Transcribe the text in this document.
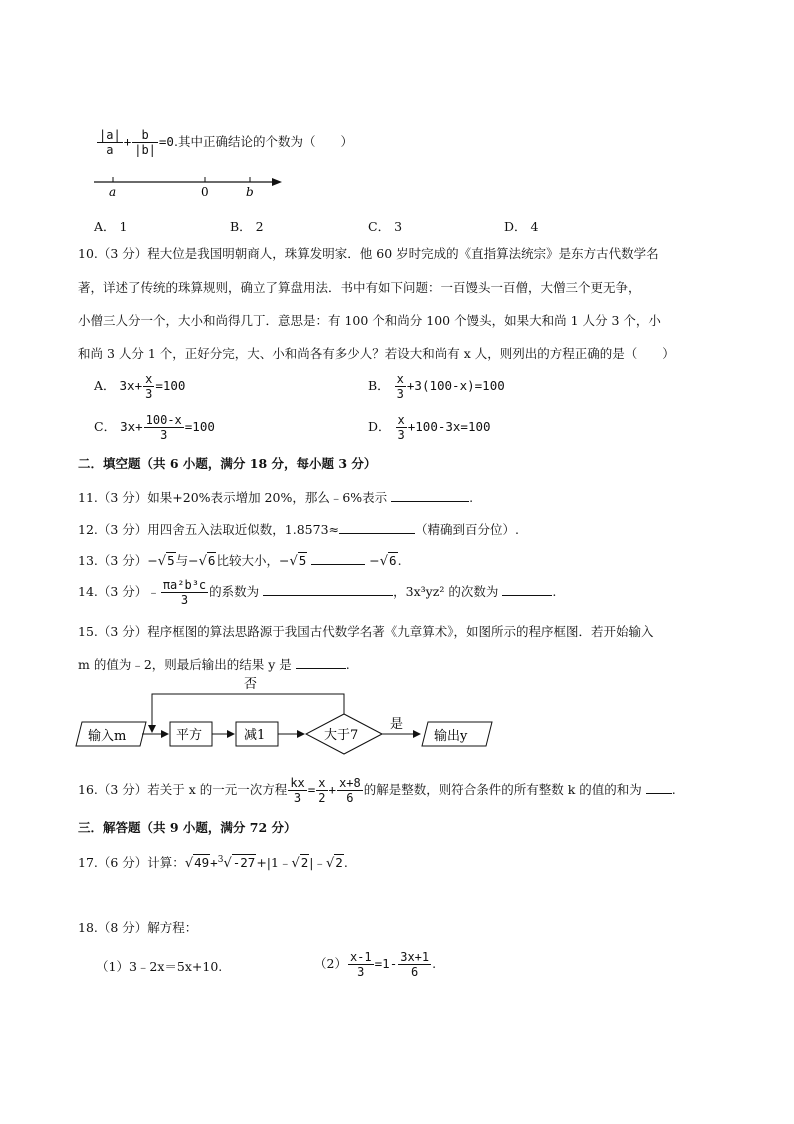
$\frac{|a|}{a} + \frac{b}{|b|} =0$.其中正确结论的个数为（　　）
a	0	b
A． 1	B． 2	C． 3	D． 4
10.（3 分）程大位是我国明朝商人，珠算发明家．他 60 岁时完成的《直指算法统宗》是东方古代数学名
著，详述了传统的珠算规则，确立了算盘用法．书中有如下问题：一百馒头一百僧，大僧三个更无争，
小僧三人分一个，大小和尚得几丁．意思是：有 100 个和尚分 100 个馒头，如果大和尚 1 人分 3 个，小
和尚 3 人分 1 个，正好分完，大、小和尚各有多少人？若设大和尚有 x 人，则列出的方程正确的是（　　）
A． $3x+ \frac{x}{3} =100$	B． $\frac{x}{3} +3(100-x)=100$
C． $3x+ \frac{100-x}{3} =100$	D． $\frac{x}{3} +100-3x=100$
二．填空题（共 6 小题，满分 18 分，每小题 3 分）
11.（3 分）如果+20%表示增加 20%，那么﹣6%表示	.
12.（3 分）用四舍五入法取近似数，1.8573≈	（精确到百分位）.
13.（3 分）−√5与−√6比较大小，−√5	−√6.
14.（3 分）﹣ $\frac{\text{πa²b³c}}{3}$ 的系数为	，3x³yz² 的次数为	.
15.（3 分）程序框图的算法思路源于我国古代数学名著《九章算术》，如图所示的程序框图．若开始输入
m 的值为﹣2，则最后输出的结果 y 是	.
否
输入m	平方	减1	大于7
是
输出y
16.（3 分）若关于 x 的一元一次方程 $\frac{kx}{3} = \frac{x}{2} + \frac{x+8}{6}$ 的解是整数，则符合条件的所有整数 k 的值的和为 .
三．解答题（共 9 小题，满分 72 分）
17.（6 分）计算：√49+$^3$√-27+|1﹣√2|﹣√2.
18.（8 分）解方程：
（1）3﹣2x＝5x+10.	$(2) \frac{x-1}{3} =1- \frac{3x+1}{6}$ .
